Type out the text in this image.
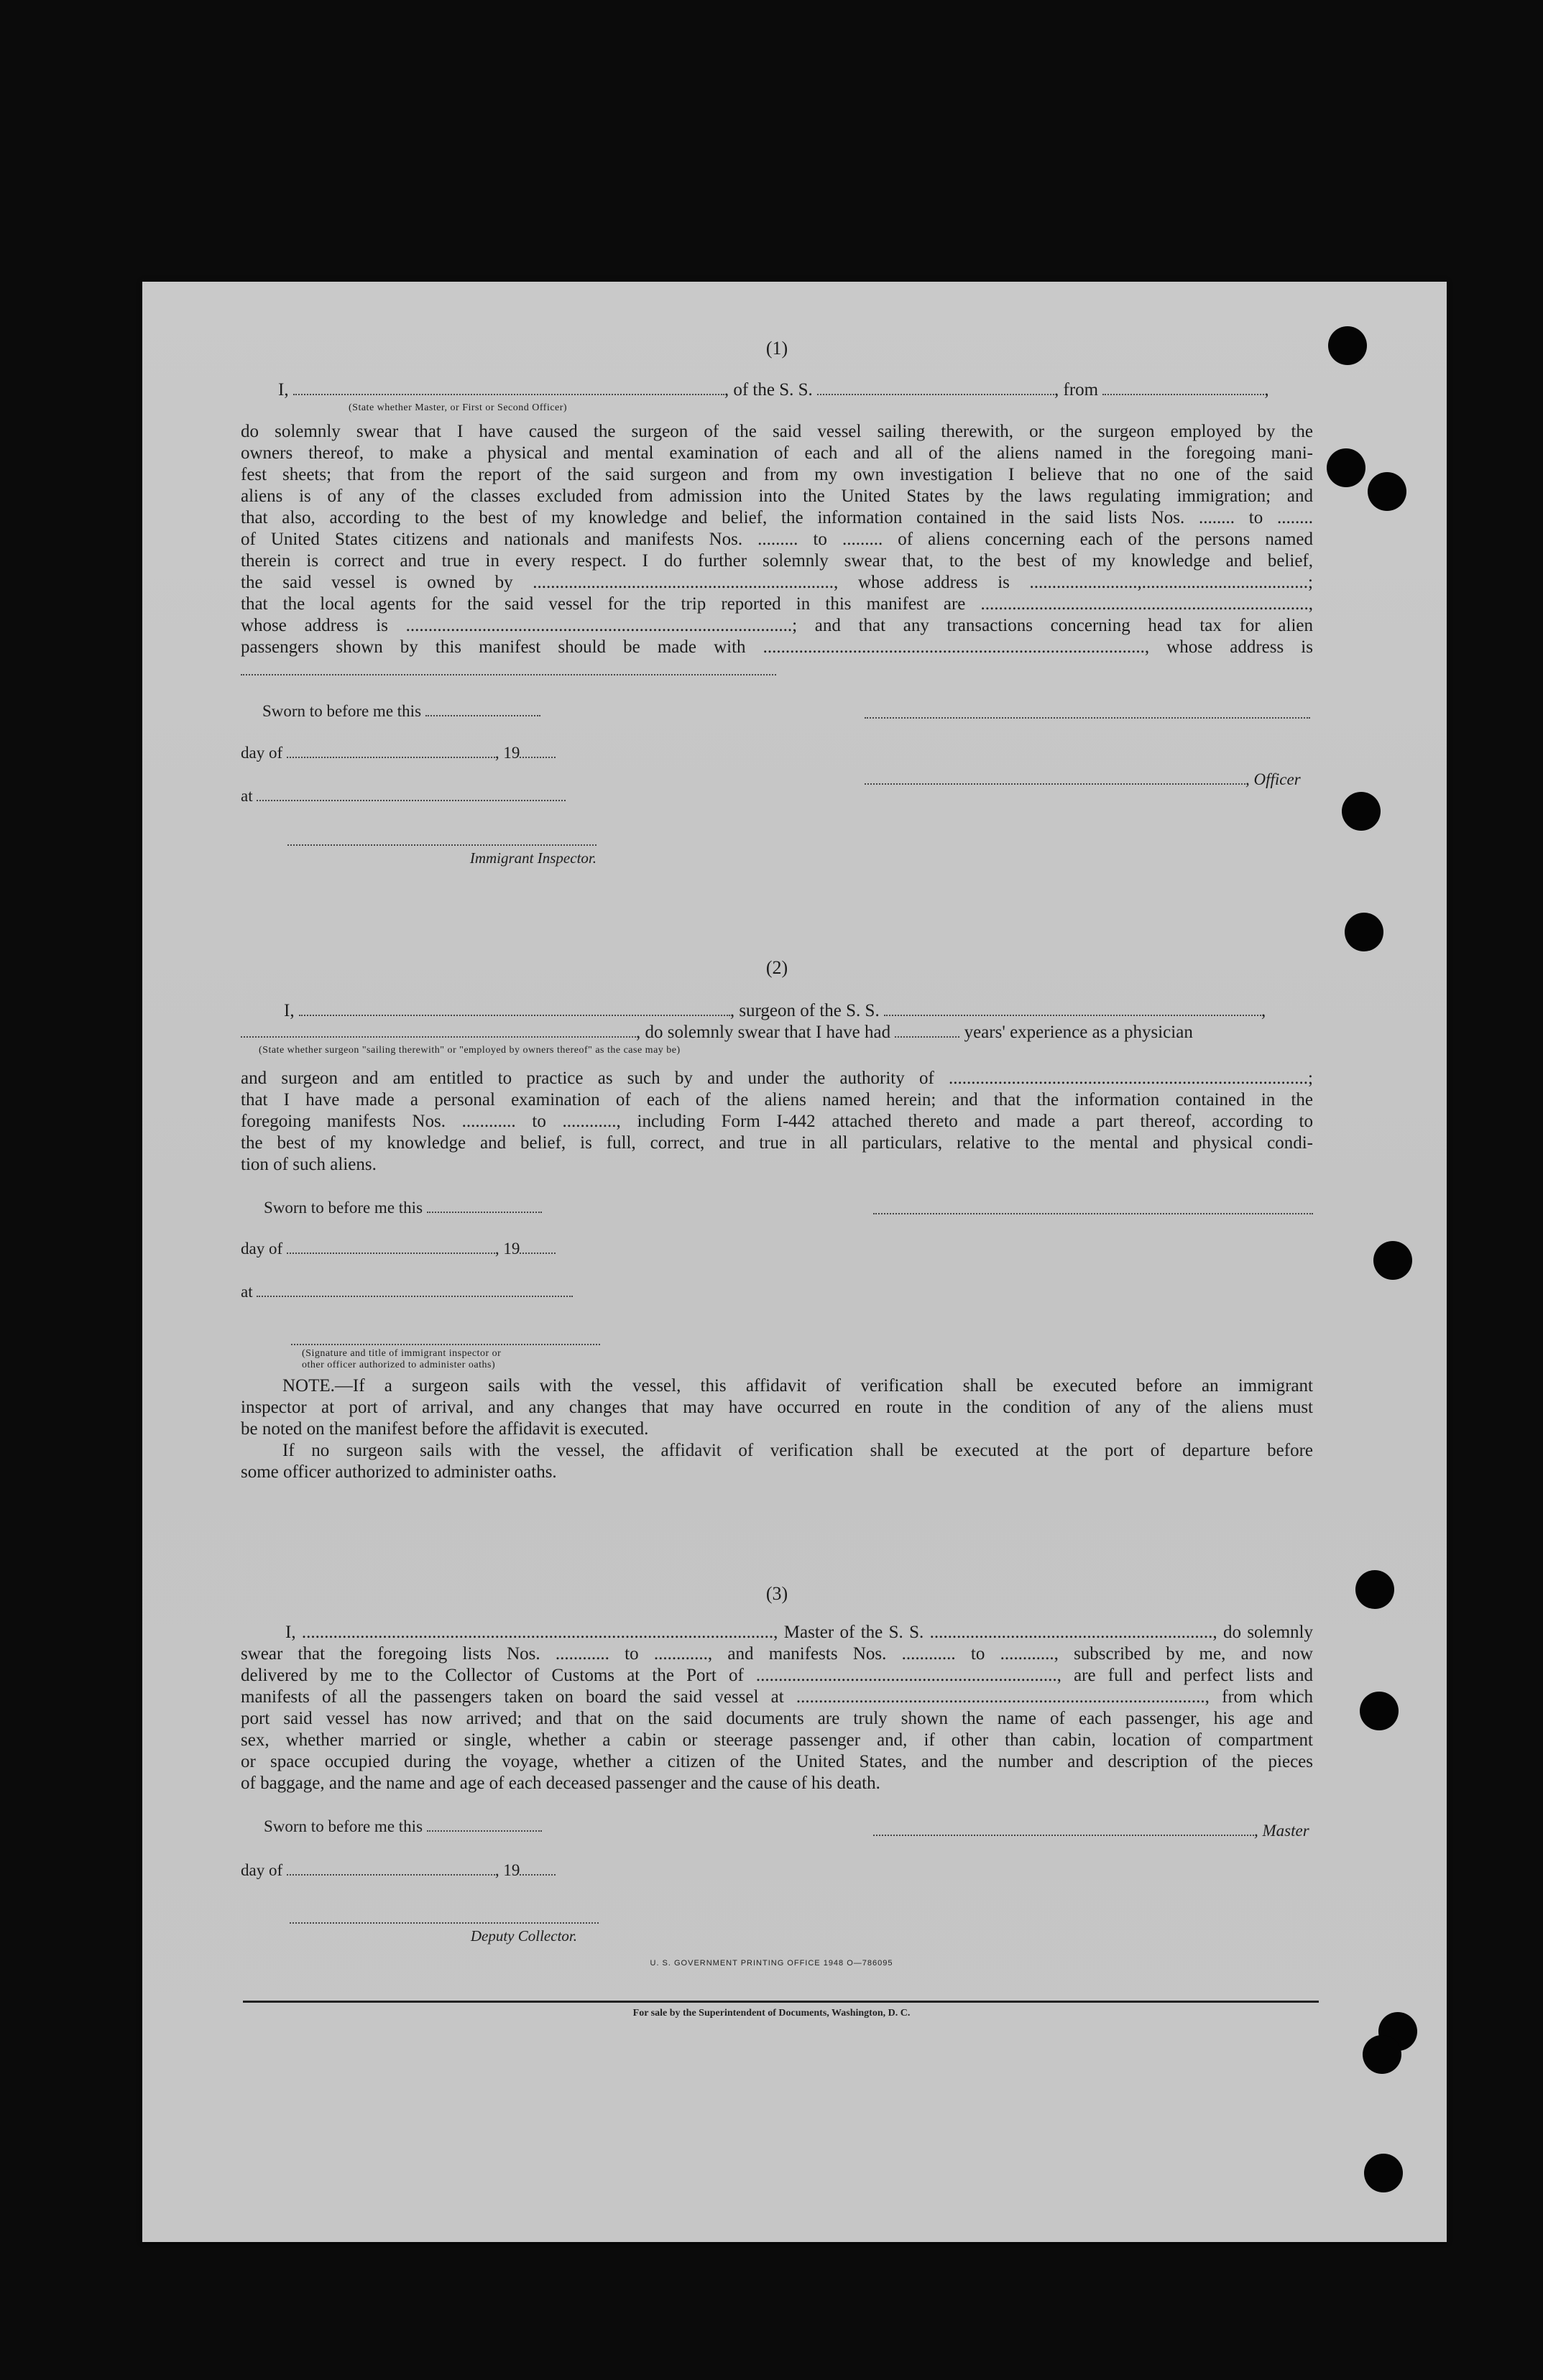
(1)
I,	, of the S. S.	, from	,
(State whether Master, or First or Second Officer)
do solemnly swear that I have caused the surgeon of the said vessel sailing therewith, or the surgeon employed by the
owners thereof, to make a physical and mental examination of each and all of the aliens named in the foregoing mani-
fest sheets; that from the report of the said surgeon and from my own investigation I believe that no one of the said
aliens is of any of the classes excluded from admission into the United States by the laws regulating immigration; and
that also, according to the best of my knowledge and belief, the information contained in the said lists Nos. ........ to ........
of United States citizens and nationals and manifests Nos. ......... to ......... of aliens concerning each of the persons named
therein is correct and true in every respect. I do further solemnly swear that, to the best of my knowledge and belief,
the said vessel is owned by ..................................................................., whose address is ........................,.....................................;
that the local agents for the said vessel for the trip reported in this manifest are .........................................................................,
whose address is ......................................................................................; and that any transactions concerning head tax for alien
passengers shown by this manifest should be made with ....................................................................................., whose address is
Sworn to before me this
day of	, 19
, Officer
at
Immigrant Inspector.
(2)
I,	, surgeon of the S. S.	,
, do solemnly swear that I have had	years' experience as a physician
(State whether surgeon "sailing therewith" or "employed by owners thereof" as the case may be)
and surgeon and am entitled to practice as such by and under the authority of ................................................................................;
that I have made a personal examination of each of the aliens named herein; and that the information contained in the
foregoing manifests Nos. ............ to ............, including Form I-442 attached thereto and made a part thereof, according to
the best of my knowledge and belief, is full, correct, and true in all particulars, relative to the mental and physical condi-
tion of such aliens.
Sworn to before me this
day of	, 19
at
(Signature and title of immigrant inspector or
other officer authorized to administer oaths)
NOTE.—If a surgeon sails with the vessel, this affidavit of verification shall be executed before an immigrant
inspector at port of arrival, and any changes that may have occurred en route in the condition of any of the aliens must
be noted on the manifest before the affidavit is executed.
If no surgeon sails with the vessel, the affidavit of verification shall be executed at the port of departure before
some officer authorized to administer oaths.
(3)
I, ........................................................................................................., Master of the S. S. ..............................................................., do solemnly
swear that the foregoing lists Nos. ............ to ............, and manifests Nos. ............ to ............, subscribed by me, and now
delivered by me to the Collector of Customs at the Port of ..................................................................., are full and perfect lists and
manifests of all the passengers taken on board the said vessel at ..........................................................................................., from which
port said vessel has now arrived; and that on the said documents are truly shown the name of each passenger, his age and
sex, whether married or single, whether a cabin or steerage passenger and, if other than cabin, location of compartment
or space occupied during the voyage, whether a citizen of the United States, and the number and description of the pieces
of baggage, and the name and age of each deceased passenger and the cause of his death.
Sworn to before me this	, Master
day of	, 19
Deputy Collector.
U. S. GOVERNMENT PRINTING OFFICE 1948 O—786095
For sale by the Superintendent of Documents, Washington, D. C.
